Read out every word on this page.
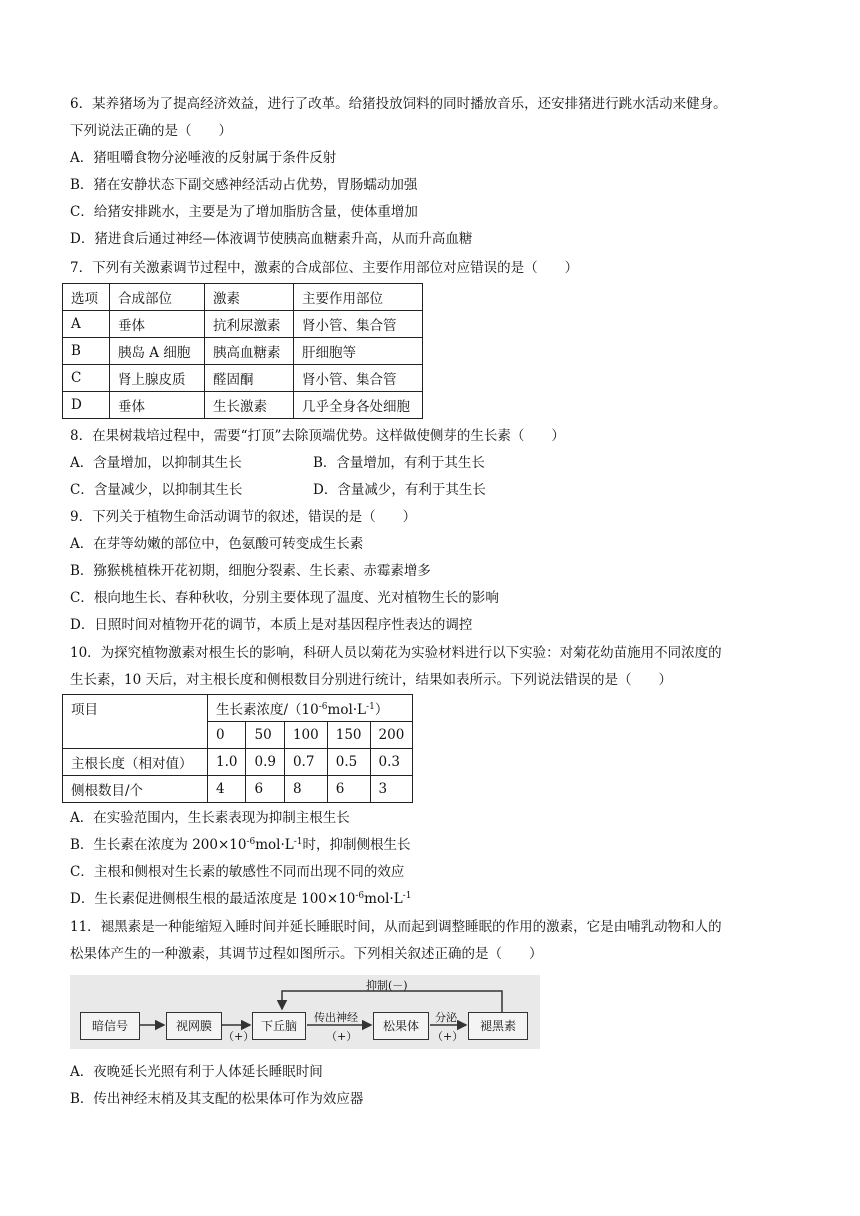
6．某养猪场为了提高经济效益，进行了改革。给猪投放饲料的同时播放音乐，还安排猪进行跳水活动来健身。
下列说法正确的是（　　）
A．猪咀嚼食物分泌唾液的反射属于条件反射
B．猪在安静状态下副交感神经活动占优势，胃肠蠕动加强
C．给猪安排跳水，主要是为了增加脂肪含量，使体重增加
D．猪进食后通过神经—体液调节使胰高血糖素升高，从而升高血糖
7．下列有关激素调节过程中，激素的合成部位、主要作用部位对应错误的是（　　）
选项	合成部位	激素	主要作用部位
A	垂体	抗利尿激素	肾小管、集合管
B	胰岛 A 细胞	胰高血糖素	肝细胞等
C	肾上腺皮质	醛固酮	肾小管、集合管
D	垂体	生长激素	几乎全身各处细胞
8．在果树栽培过程中，需要“打顶”去除顶端优势。这样做使侧芽的生长素（　　）
A．含量增加，以抑制其生长	B．含量增加，有利于其生长
C．含量减少，以抑制其生长	D．含量减少，有利于其生长
9．下列关于植物生命活动调节的叙述，错误的是（　　）
A．在芽等幼嫩的部位中，色氨酸可转变成生长素
B．猕猴桃植株开花初期，细胞分裂素、生长素、赤霉素增多
C．根向地生长、春种秋收，分别主要体现了温度、光对植物生长的影响
D．日照时间对植物开花的调节，本质上是对基因程序性表达的调控
10．为探究植物激素对根生长的影响，科研人员以菊花为实验材料进行以下实验：对菊花幼苗施用不同浓度的
生长素，10 天后，对主根长度和侧根数目分别进行统计，结果如表所示。下列说法错误的是（　　）
项目	生长素浓度$/(10^{-6}mol\cdot L^{-1})$				
	0	50	100	150	200
主根长度（相对值）	1.0	0.9	0.7	0.5	0.3
侧根数目/个	4	6	8	6	3
A．在实验范围内，生长素表现为抑制主根生长
B．生长素在浓度为 $200\times 10^{-6}mol\cdot L^{-1}$时，抑制侧根生长
C．主根和侧根对生长素的敏感性不同而出现不同的效应
D．生长素促进侧根生根的最适浓度是 $100\times 10^{-6}mol\cdot L^{-1}$
11．褪黑素是一种能缩短入睡时间并延长睡眠时间，从而起到调整睡眠的作用的激素，它是由哺乳动物和人的
松果体产生的一种激素，其调节过程如图所示。下列相关叙述正确的是（　　）
暗信号	视网膜	下丘脑	松果体	褪黑素
（+）
传出神经
（+）
分泌
（+）
抑制(－)
A．夜晚延长光照有利于人体延长睡眠时间
B．传出神经末梢及其支配的松果体可作为效应器
